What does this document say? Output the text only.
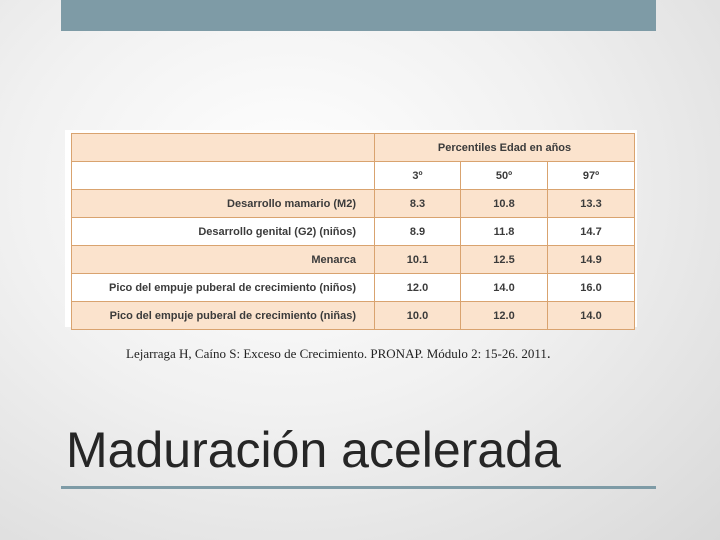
	Percentiles Edad en años		
	3º	50º	97º
Desarrollo mamario (M2)	8.3	10.8	13.3
Desarrollo genital (G2) (niños)	8.9	11.8	14.7
Menarca	10.1	12.5	14.9
Pico del empuje puberal de crecimiento (niños)	12.0	14.0	16.0
Pico del empuje puberal de crecimiento (niñas)	10.0	12.0	14.0
Lejarraga H, Caíno S: Exceso de Crecimiento. PRONAP. Módulo 2: 15-26. 2011.
Maduración acelerada
